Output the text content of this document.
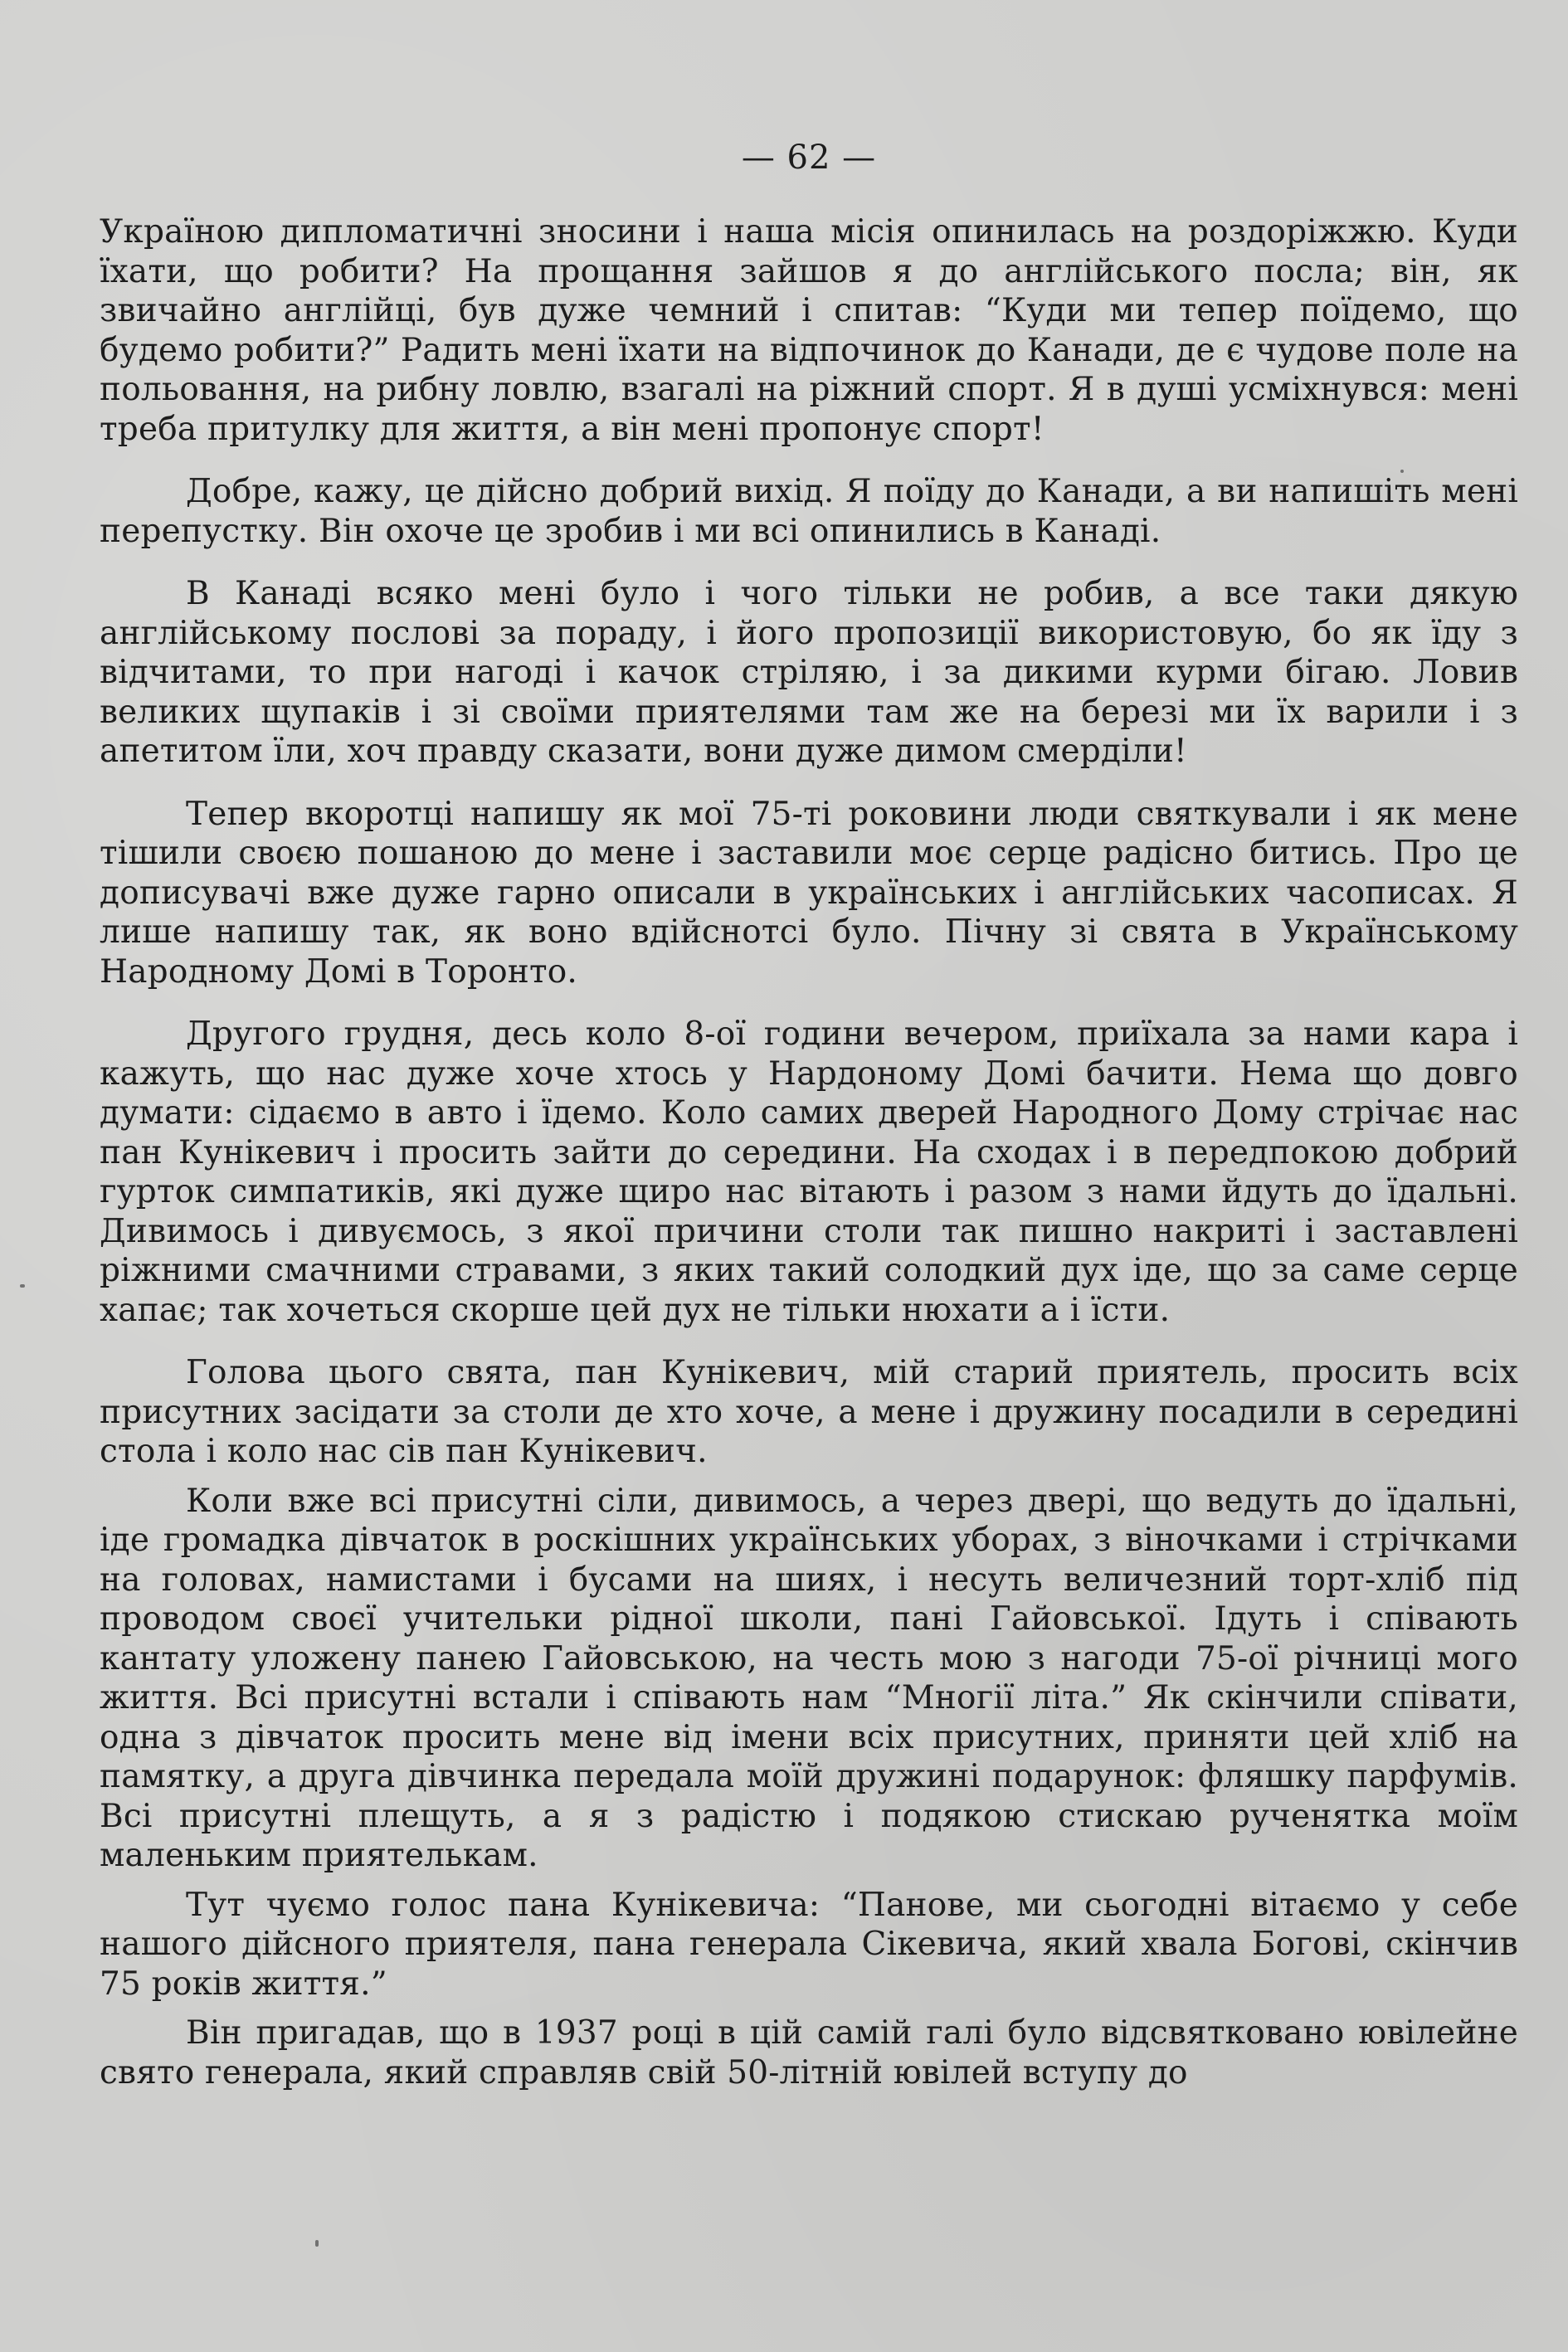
— 62 —

Україною дипломатичні зносини і наша місія опинилась на роздоріжжю. Куди їхати, що робити? На прощання зайшов я до англійського посла; він, як звичайно англійці, був дуже чемний і спитав: “Куди ми тепер поїдемо, що будемо робити?” Радить мені їхати на відпочинок до Канади, де є чудове поле на польовання, на рибну ловлю, взагалі на ріжний спорт. Я в душі усміхнувся: мені треба притулку для життя, а він мені пропонує спорт!

Добре, кажу, це дійсно добрий вихід. Я поїду до Канади, а ви напишіть мені перепустку. Він охоче це зробив і ми всі опинились в Канаді.

В Канаді всяко мені було і чого тільки не робив, а все таки дякую англійському послові за пораду, і його пропозиції використовую, бо як їду з відчитами, то при нагоді і качок стріляю, і за дикими курми бігаю. Ловив великих щупаків і зі своїми приятелями там же на березі ми їх варили і з апетитом їли, хоч правду сказати, вони дуже димом смерділи!

Тепер вкоротці напишу як мої 75-ті роковини люди святкували і як мене тішили своєю пошаною до мене і заставили моє серце радісно битись. Про це дописувачі вже дуже гарно описали в українських і англійських часописах. Я лише напишу так, як воно вдійснотсі було. Пічну зі свята в Українському Народному Домі в Торонто.

Другого грудня, десь коло 8-ої години вечером, приїхала за нами кара і кажуть, що нас дуже хоче хтось у Нардоному Домі бачити. Нема що довго думати: сідаємо в авто і їдемо. Коло самих дверей Народного Дому стрічає нас пан Кунікевич і просить зайти до середини. На сходах і в передпокою добрий гурток симпатиків, які дуже щиро нас вітають і разом з нами йдуть до їдальні. Дивимось і дивуємось, з якої причини столи так пишно накриті і заставлені ріжними смачними стравами, з яких такий солодкий дух іде, що за саме серце хапає; так хочеться скорше цей дух не тільки нюхати а і їсти.

Голова цього свята, пан Кунікевич, мій старий приятель, просить всіх присутних засідати за столи де хто хоче, а мене і дружину посадили в середині стола і коло нас сів пан Кунікевич.

Коли вже всі присутні сіли, дивимось, а через двері, що ведуть до їдальні, іде громадка дівчаток в роскішних українських уборах, з віночками і стрічками на головах, намистами і бусами на шиях, і несуть величезний торт-хліб під проводом своєї учительки рідної школи, пані Гайовської. Ідуть і співають кантату уложену панею Гайовською, на честь мою з нагоди 75-ої річниці мого життя. Всі присутні встали і співають нам “Многії літа.” Як скінчили співати, одна з дівчаток просить мене від імени всіх присутних, приняти цей хліб на памятку, а друга дівчинка передала моїй дружині подарунок: фляшку парфумів. Всі присутні плещуть, а я з радістю і подякою стискаю рученятка моїм маленьким приятелькам.

Тут чуємо голос пана Кунікевича: “Панове, ми сьогодні вітаємо у себе нашого дійсного приятеля, пана генерала Сікевича, який хвала Богові, скінчив 75 років життя.”

Він пригадав, що в 1937 році в цій самій галі було відсвятковано ювілейне свято генерала, який справляв свій 50-літній ювілей вступу до
